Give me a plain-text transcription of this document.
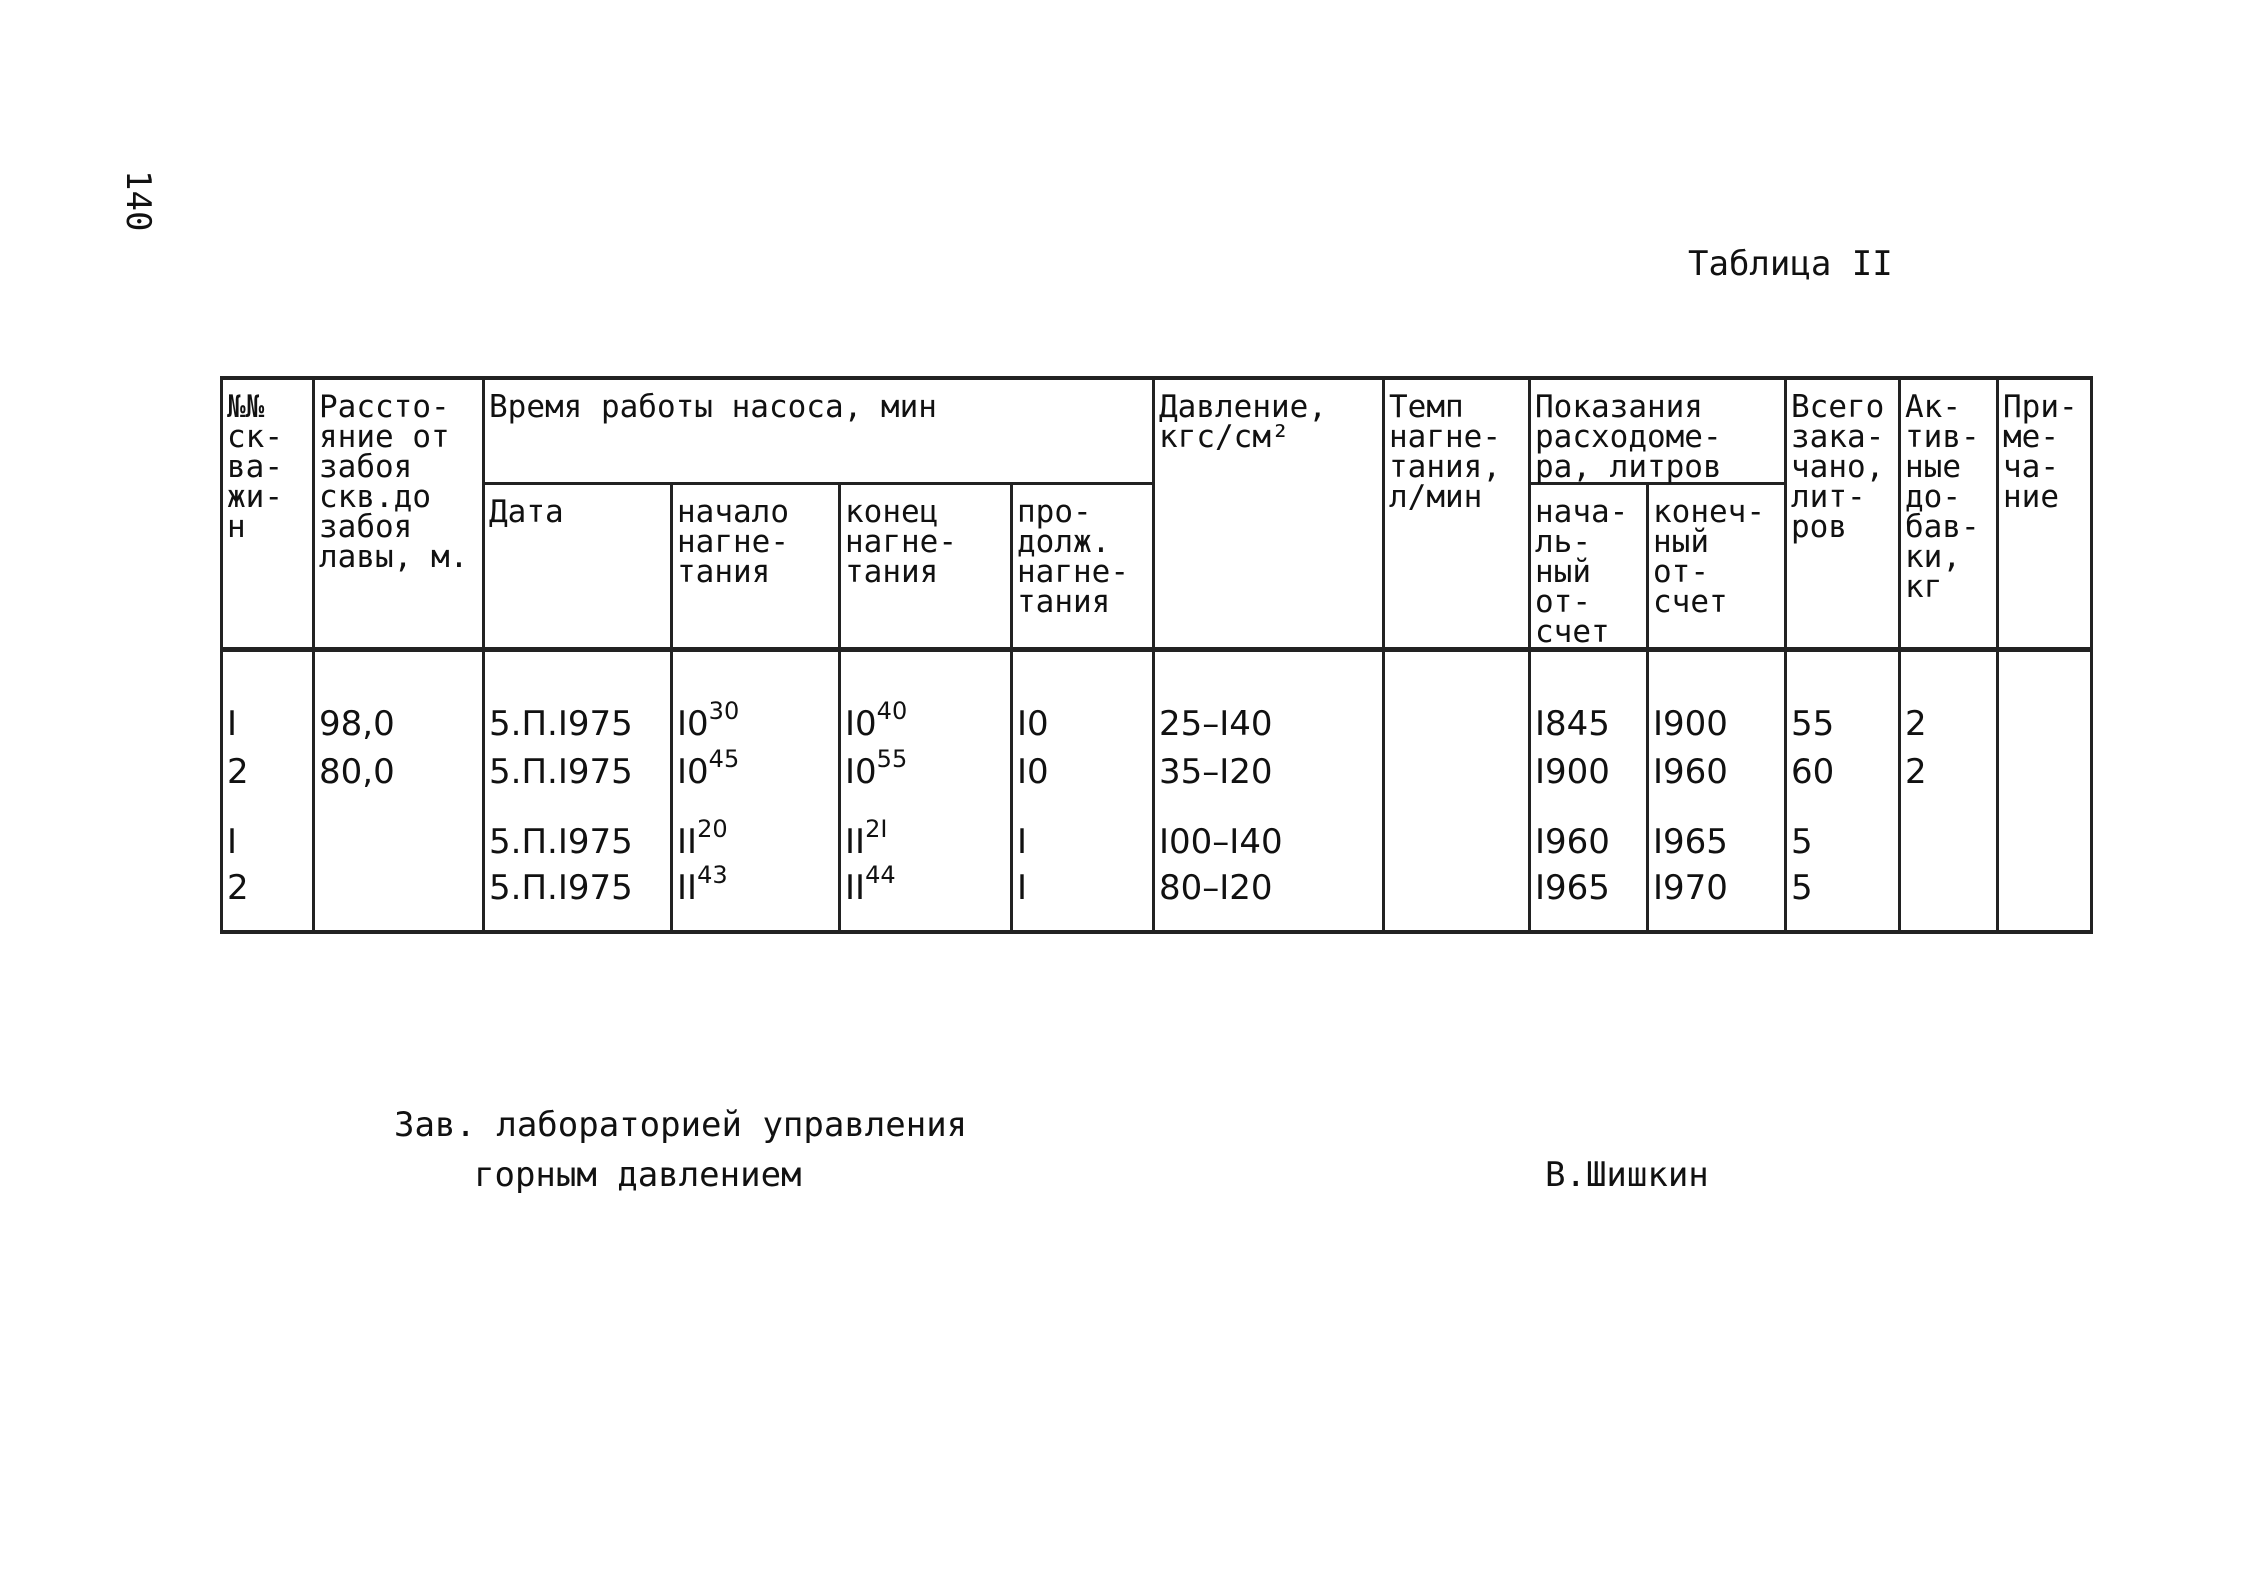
140
Таблица II
№№ ск- ва- жи- н	Рассто- яние от забоя скв.до забоя лавы, м.	Время работы насоса, мин				Давление, кгс/см²	Темп нагне- тания, л/мин	Показания расходоме- ра, литров		Всего зака- чано, лит- ров	Ак- тив- ные до- бав- ки, кг	При- ме- ча- ние
		Дата	начало нагне- тания	конец нагне- тания	про- долж. нагне- тания			нача- ль- ный от- счет	конеч- ный от- счет			
I	98,0	5.П.I975	$I0^{30}$	$I0^{40}$	I0	25–I40		I845	I900	55	2	
2	80,0	5.П.I975	$I0^{45}$	$I0^{55}$	I0	35–I20		I900	I960	60	2	

I		5.П.I975	II$^{20}$	$II^{2I}$	I	I00–I40		I960	I965	5		
2		5.П.I975	II$^{43}$	II$^{44}$	I	80–I20		I965	I970	5		
Зав. лабораторией управления
горным давлением	В.Шишкин
